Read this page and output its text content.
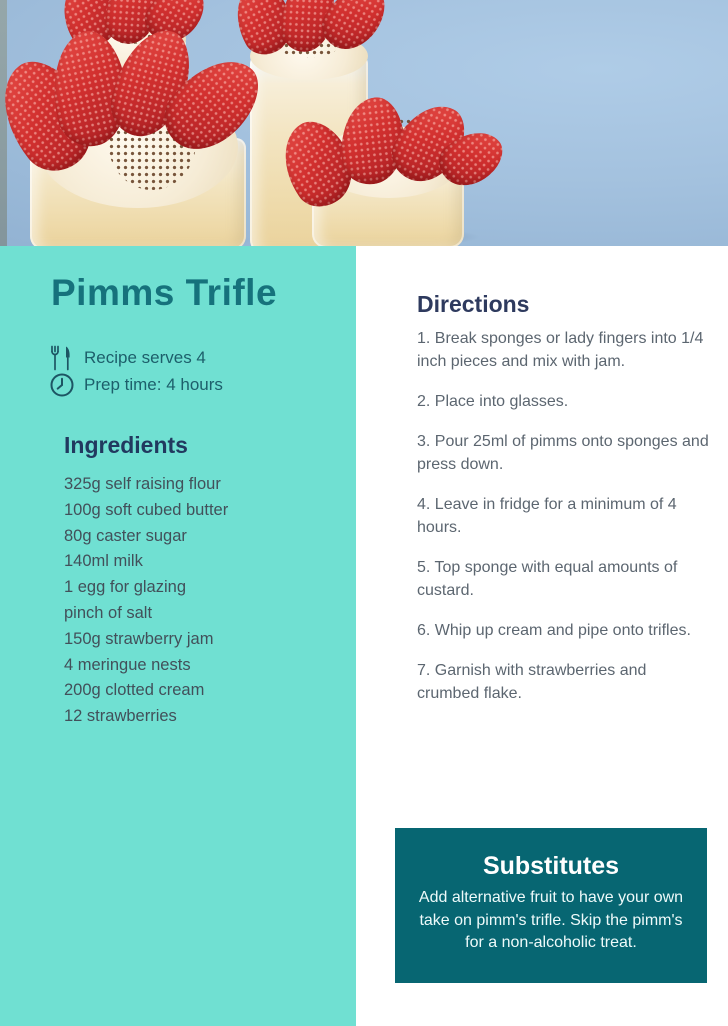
Pimms Trifle
Recipe serves 4
Prep time: 4 hours
Ingredients
325g self raising flour
100g soft cubed butter
80g caster sugar
140ml milk
1 egg for glazing
pinch of salt
150g strawberry jam
4 meringue nests
200g clotted cream
12 strawberries
Directions

1. Break sponges or lady fingers into 1/4 inch pieces and mix with jam.

2. Place into glasses.

3. Pour 25ml of pimms onto sponges and press down.

4. Leave in fridge for a minimum of 4 hours.

5. Top sponge with equal amounts of custard.

6. Whip up cream and pipe onto trifles.

7. Garnish with strawberries and crumbed flake.

Substitutes

Add alternative fruit to have your own take on pimm's trifle. Skip the pimm's for a non-alcoholic treat.
